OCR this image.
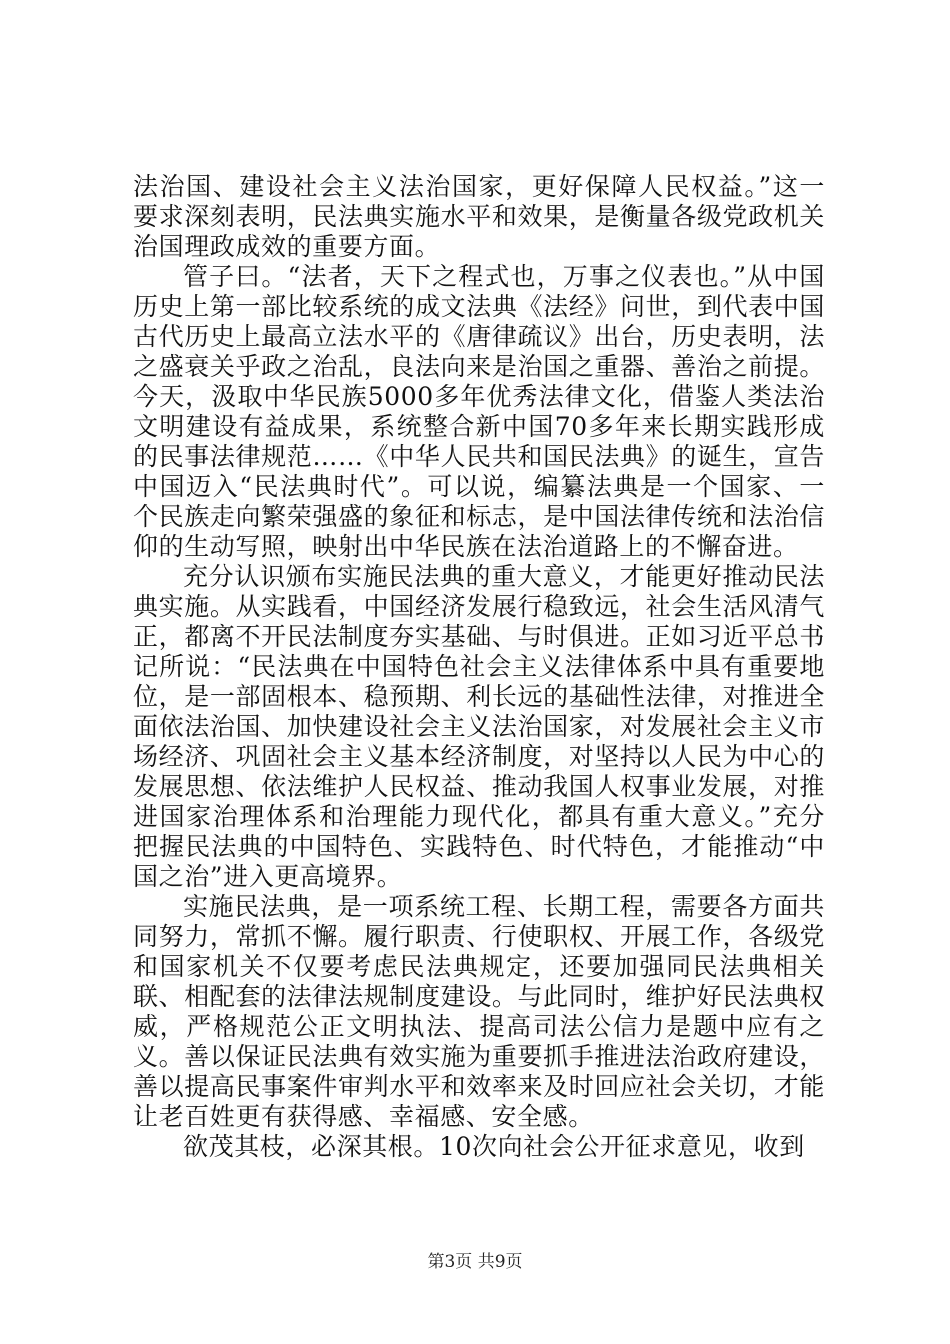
法治国、建设社会主义法治国家，更好保障人民权益。”这一要求深刻表明，民法典实施水平和效果，是衡量各级党政机关治国理政成效的重要方面。

管子曰。“法者，天下之程式也，万事之仪表也。”从中国历史上第一部比较系统的成文法典《法经》问世，到代表中国古代历史上最高立法水平的《唐律疏议》出台，历史表明，法之盛衰关乎政之治乱，良法向来是治国之重器、善治之前提。今天，汲取中华民族5000多年优秀法律文化，借鉴人类法治文明建设有益成果，系统整合新中国70多年来长期实践形成的民事法律规范……《中华人民共和国民法典》的诞生，宣告中国迈入“民法典时代”。可以说，编纂法典是一个国家、一个民族走向繁荣强盛的象征和标志，是中国法律传统和法治信仰的生动写照，映射出中华民族在法治道路上的不懈奋进。

充分认识颁布实施民法典的重大意义，才能更好推动民法典实施。从实践看，中国经济发展行稳致远，社会生活风清气正，都离不开民法制度夯实基础、与时俱进。正如习近平总书记所说：“民法典在中国特色社会主义法律体系中具有重要地位，是一部固根本、稳预期、利长远的基础性法律，对推进全面依法治国、加快建设社会主义法治国家，对发展社会主义市场经济、巩固社会主义基本经济制度，对坚持以人民为中心的发展思想、依法维护人民权益、推动我国人权事业发展，对推进国家治理体系和治理能力现代化，都具有重大意义。”充分把握民法典的中国特色、实践特色、时代特色，才能推动“中国之治”进入更高境界。

实施民法典，是一项系统工程、长期工程，需要各方面共同努力，常抓不懈。履行职责、行使职权、开展工作，各级党和国家机关不仅要考虑民法典规定，还要加强同民法典相关联、相配套的法律法规制度建设。与此同时，维护好民法典权威，严格规范公正文明执法、提高司法公信力是题中应有之义。善以保证民法典有效实施为重要抓手推进法治政府建设，善以提高民事案件审判水平和效率来及时回应社会关切，才能让老百姓更有获得感、幸福感、安全感。

欲茂其枝，必深其根。10次向社会公开征求意见，收到

第3页 共9页
